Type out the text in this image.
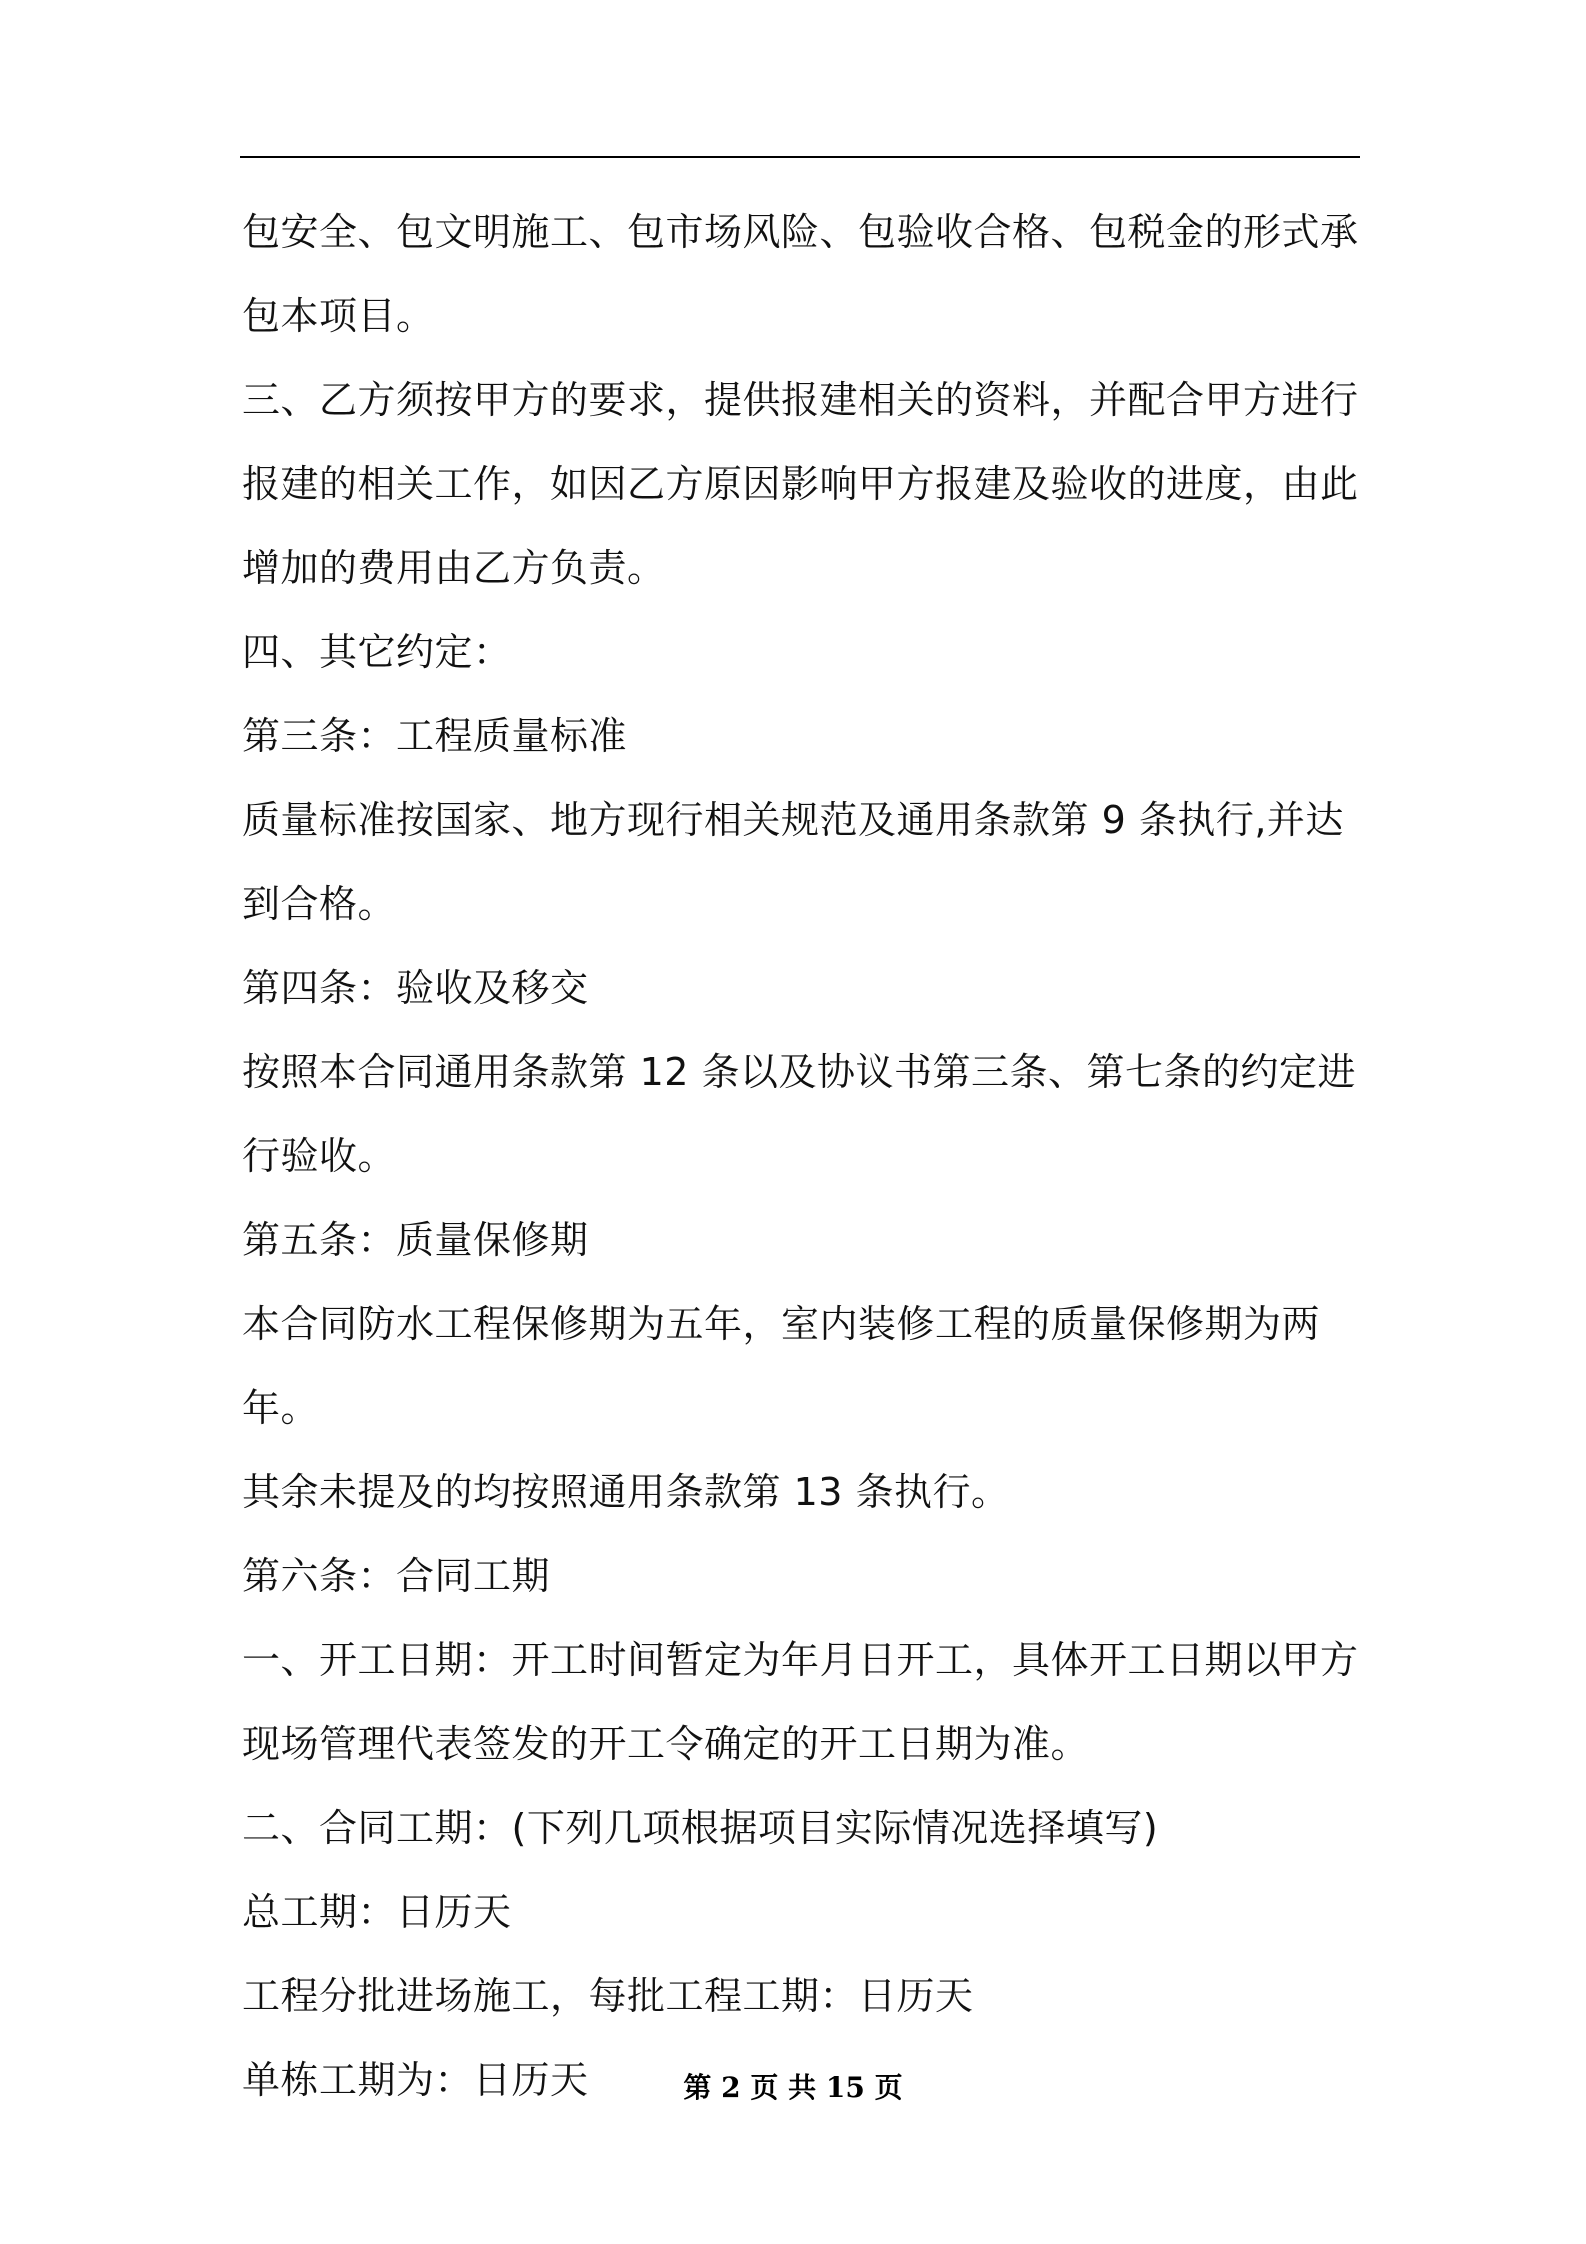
包安全、包文明施工、包市场风险、包验收合格、包税金的形式承包本项目。

三、乙方须按甲方的要求，提供报建相关的资料，并配合甲方进行报建的相关工作，如因乙方原因影响甲方报建及验收的进度，由此增加的费用由乙方负责。

四、其它约定：

第三条：工程质量标准

质量标准按国家、地方现行相关规范及通用条款第 9 条执行,并达到合格。

第四条：验收及移交

按照本合同通用条款第 12 条以及协议书第三条、第七条的约定进行验收。

第五条：质量保修期

本合同防水工程保修期为五年，室内装修工程的质量保修期为两年。

其余未提及的均按照通用条款第 13 条执行。

第六条：合同工期

一、开工日期：开工时间暂定为年月日开工，具体开工日期以甲方现场管理代表签发的开工令确定的开工日期为准。

二、合同工期：(下列几项根据项目实际情况选择填写)

总工期：日历天

工程分批进场施工，每批工程工期：日历天

单栋工期为：日历天	第 2 页 共 15 页
